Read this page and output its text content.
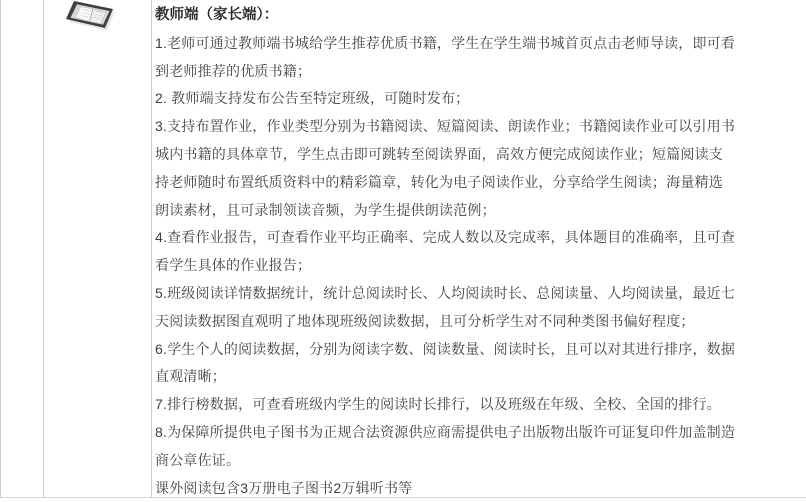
教师端（家长端）：
1.老师可通过教师端书城给学生推荐优质书籍，学生在学生端书城首页点击老师导读，即可看
到老师推荐的优质书籍；
2. 教师端支持发布公告至特定班级，可随时发布；
3.支持布置作业，作业类型分别为书籍阅读、短篇阅读、朗读作业；书籍阅读作业可以引用书
城内书籍的具体章节，学生点击即可跳转至阅读界面，高效方便完成阅读作业；短篇阅读支
持老师随时布置纸质资料中的精彩篇章，转化为电子阅读作业，分享给学生阅读；海量精选
朗读素材，且可录制领读音频，为学生提供朗读范例；
4.查看作业报告，可查看作业平均正确率、完成人数以及完成率，具体题目的准确率，且可查
看学生具体的作业报告；
5.班级阅读详情数据统计，统计总阅读时长、人均阅读时长、总阅读量、人均阅读量，最近七
天阅读数据图直观明了地体现班级阅读数据，且可分析学生对不同种类图书偏好程度；
6.学生个人的阅读数据，分别为阅读字数、阅读数量、阅读时长，且可以对其进行排序，数据
直观清晰；
7.排行榜数据，可查看班级内学生的阅读时长排行，以及班级在年级、全校、全国的排行。
8.为保障所提供电子图书为正规合法资源供应商需提供电子出版物出版许可证复印件加盖制造
商公章佐证。
课外阅读包含3万册电子图书2万辑听书等
